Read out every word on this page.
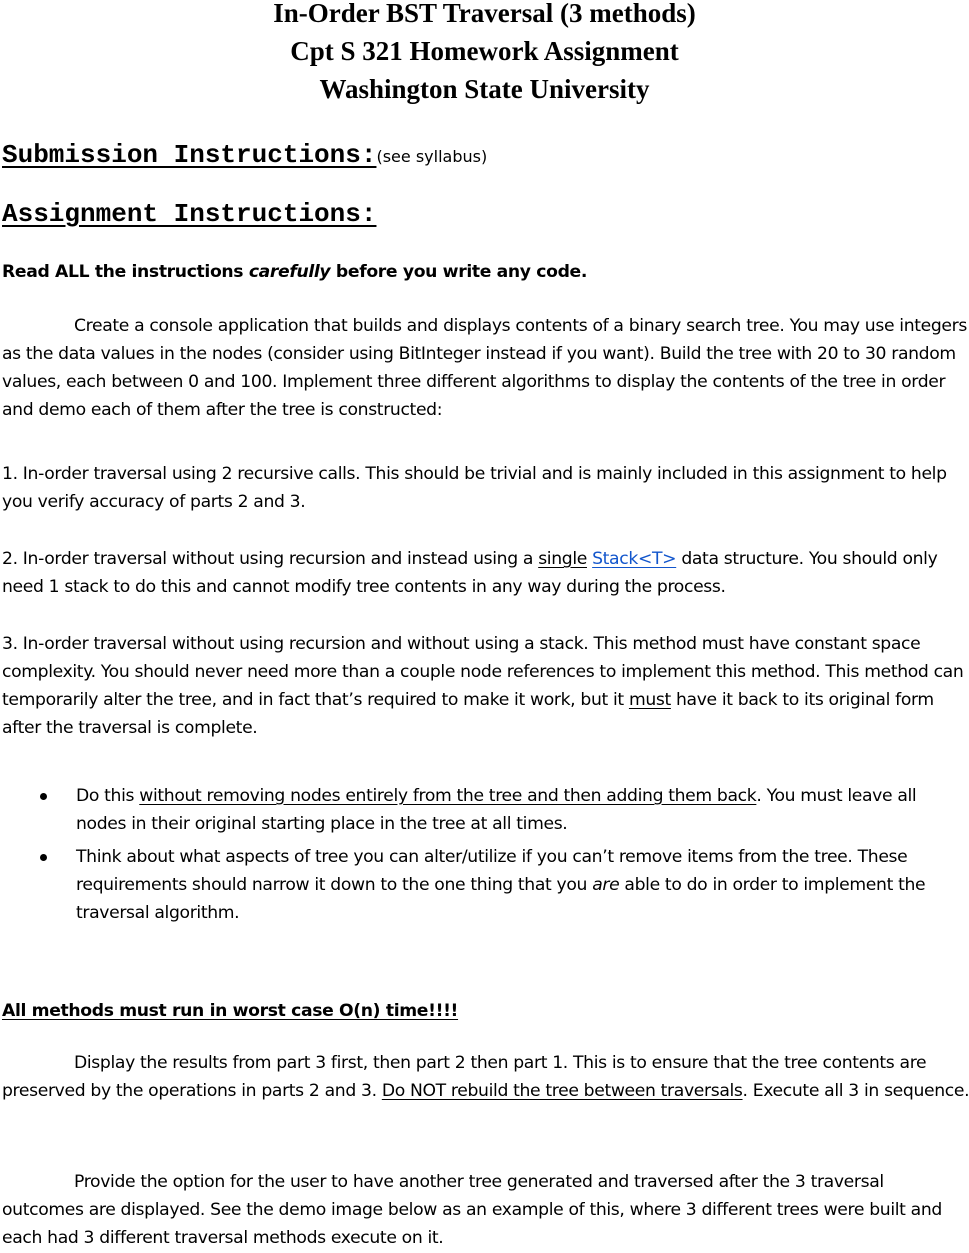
In-Order BST Traversal (3 methods)

Cpt S 321 Homework Assignment

Washington State University

Submission Instructions:(see syllabus)
Assignment Instructions:

Read ALL the instructions carefully before you write any code.

Create a console application that builds and displays contents of a binary search tree. You may use integers as the data values in the nodes (consider using BitInteger instead if you want). Build the tree with 20 to 30 random values, each between 0 and 100. Implement three different algorithms to display the contents of the tree in order and demo each of them after the tree is constructed:

1. In-order traversal using 2 recursive calls. This should be trivial and is mainly included in this assignment to help you verify accuracy of parts 2 and 3.

2. In-order traversal without using recursion and instead using a single Stack<T> data structure. You should only need 1 stack to do this and cannot modify tree contents in any way during the process.

3. In-order traversal without using recursion and without using a stack. This method must have constant space complexity. You should never need more than a couple node references to implement this method. This method can temporarily alter the tree, and in fact that’s required to make it work, but it must have it back to its original form after the traversal is complete.

Do this without removing nodes entirely from the tree and then adding them back. You must leave all nodes in their original starting place in the tree at all times.
Think about what aspects of tree you can alter/utilize if you can’t remove items from the tree. These requirements should narrow it down to the one thing that you are able to do in order to implement the traversal algorithm.

All methods must run in worst case O(n) time!!!!

Display the results from part 3 first, then part 2 then part 1. This is to ensure that the tree contents are preserved by the operations in parts 2 and 3. Do NOT rebuild the tree between traversals. Execute all 3 in sequence.

Provide the option for the user to have another tree generated and traversed after the 3 traversal outcomes are displayed. See the demo image below as an example of this, where 3 different trees were built and each had 3 different traversal methods execute on it.
